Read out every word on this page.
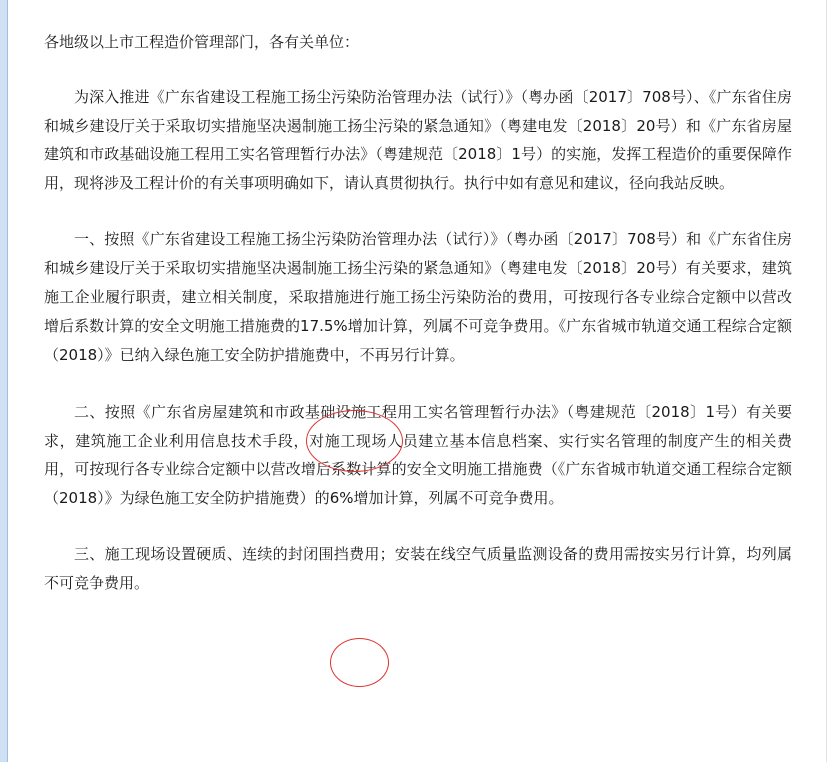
各地级以上市工程造价管理部门，各有关单位：

为深入推进《广东省建设工程施工扬尘污染防治管理办法（试行）》（粤办函〔2017〕708号）、《广东省住房和城乡建设厅关于采取切实措施坚决遏制施工扬尘污染的紧急通知》（粤建电发〔2018〕20号）和《广东省房屋建筑和市政基础设施工程用工实名管理暂行办法》（粤建规范〔2018〕1号）的实施，发挥工程造价的重要保障作用，现将涉及工程计价的有关事项明确如下，请认真贯彻执行。执行中如有意见和建议，径向我站反映。

一、按照《广东省建设工程施工扬尘污染防治管理办法（试行）》（粤办函〔2017〕708号）和《广东省住房和城乡建设厅关于采取切实措施坚决遏制施工扬尘污染的紧急通知》（粤建电发〔2018〕20号）有关要求，建筑施工企业履行职责，建立相关制度，采取措施进行施工扬尘污染防治的费用，可按现行各专业综合定额中以营改增后系数计算的安全文明施工措施费的17.5%增加计算，列属不可竞争费用。《广东省城市轨道交通工程综合定额（2018）》已纳入绿色施工安全防护措施费中，不再另行计算。

二、按照《广东省房屋建筑和市政基础设施工程用工实名管理暂行办法》（粤建规范〔2018〕1号）有关要求，建筑施工企业利用信息技术手段，对施工现场人员建立基本信息档案、实行实名管理的制度产生的相关费用，可按现行各专业综合定额中以营改增后系数计算的安全文明施工措施费（《广东省城市轨道交通工程综合定额（2018）》为绿色施工安全防护措施费）的6%增加计算，列属不可竞争费用。

三、施工现场设置硬质、连续的封闭围挡费用；安装在线空气质量监测设备的费用需按实另行计算，均列属不可竞争费用。
